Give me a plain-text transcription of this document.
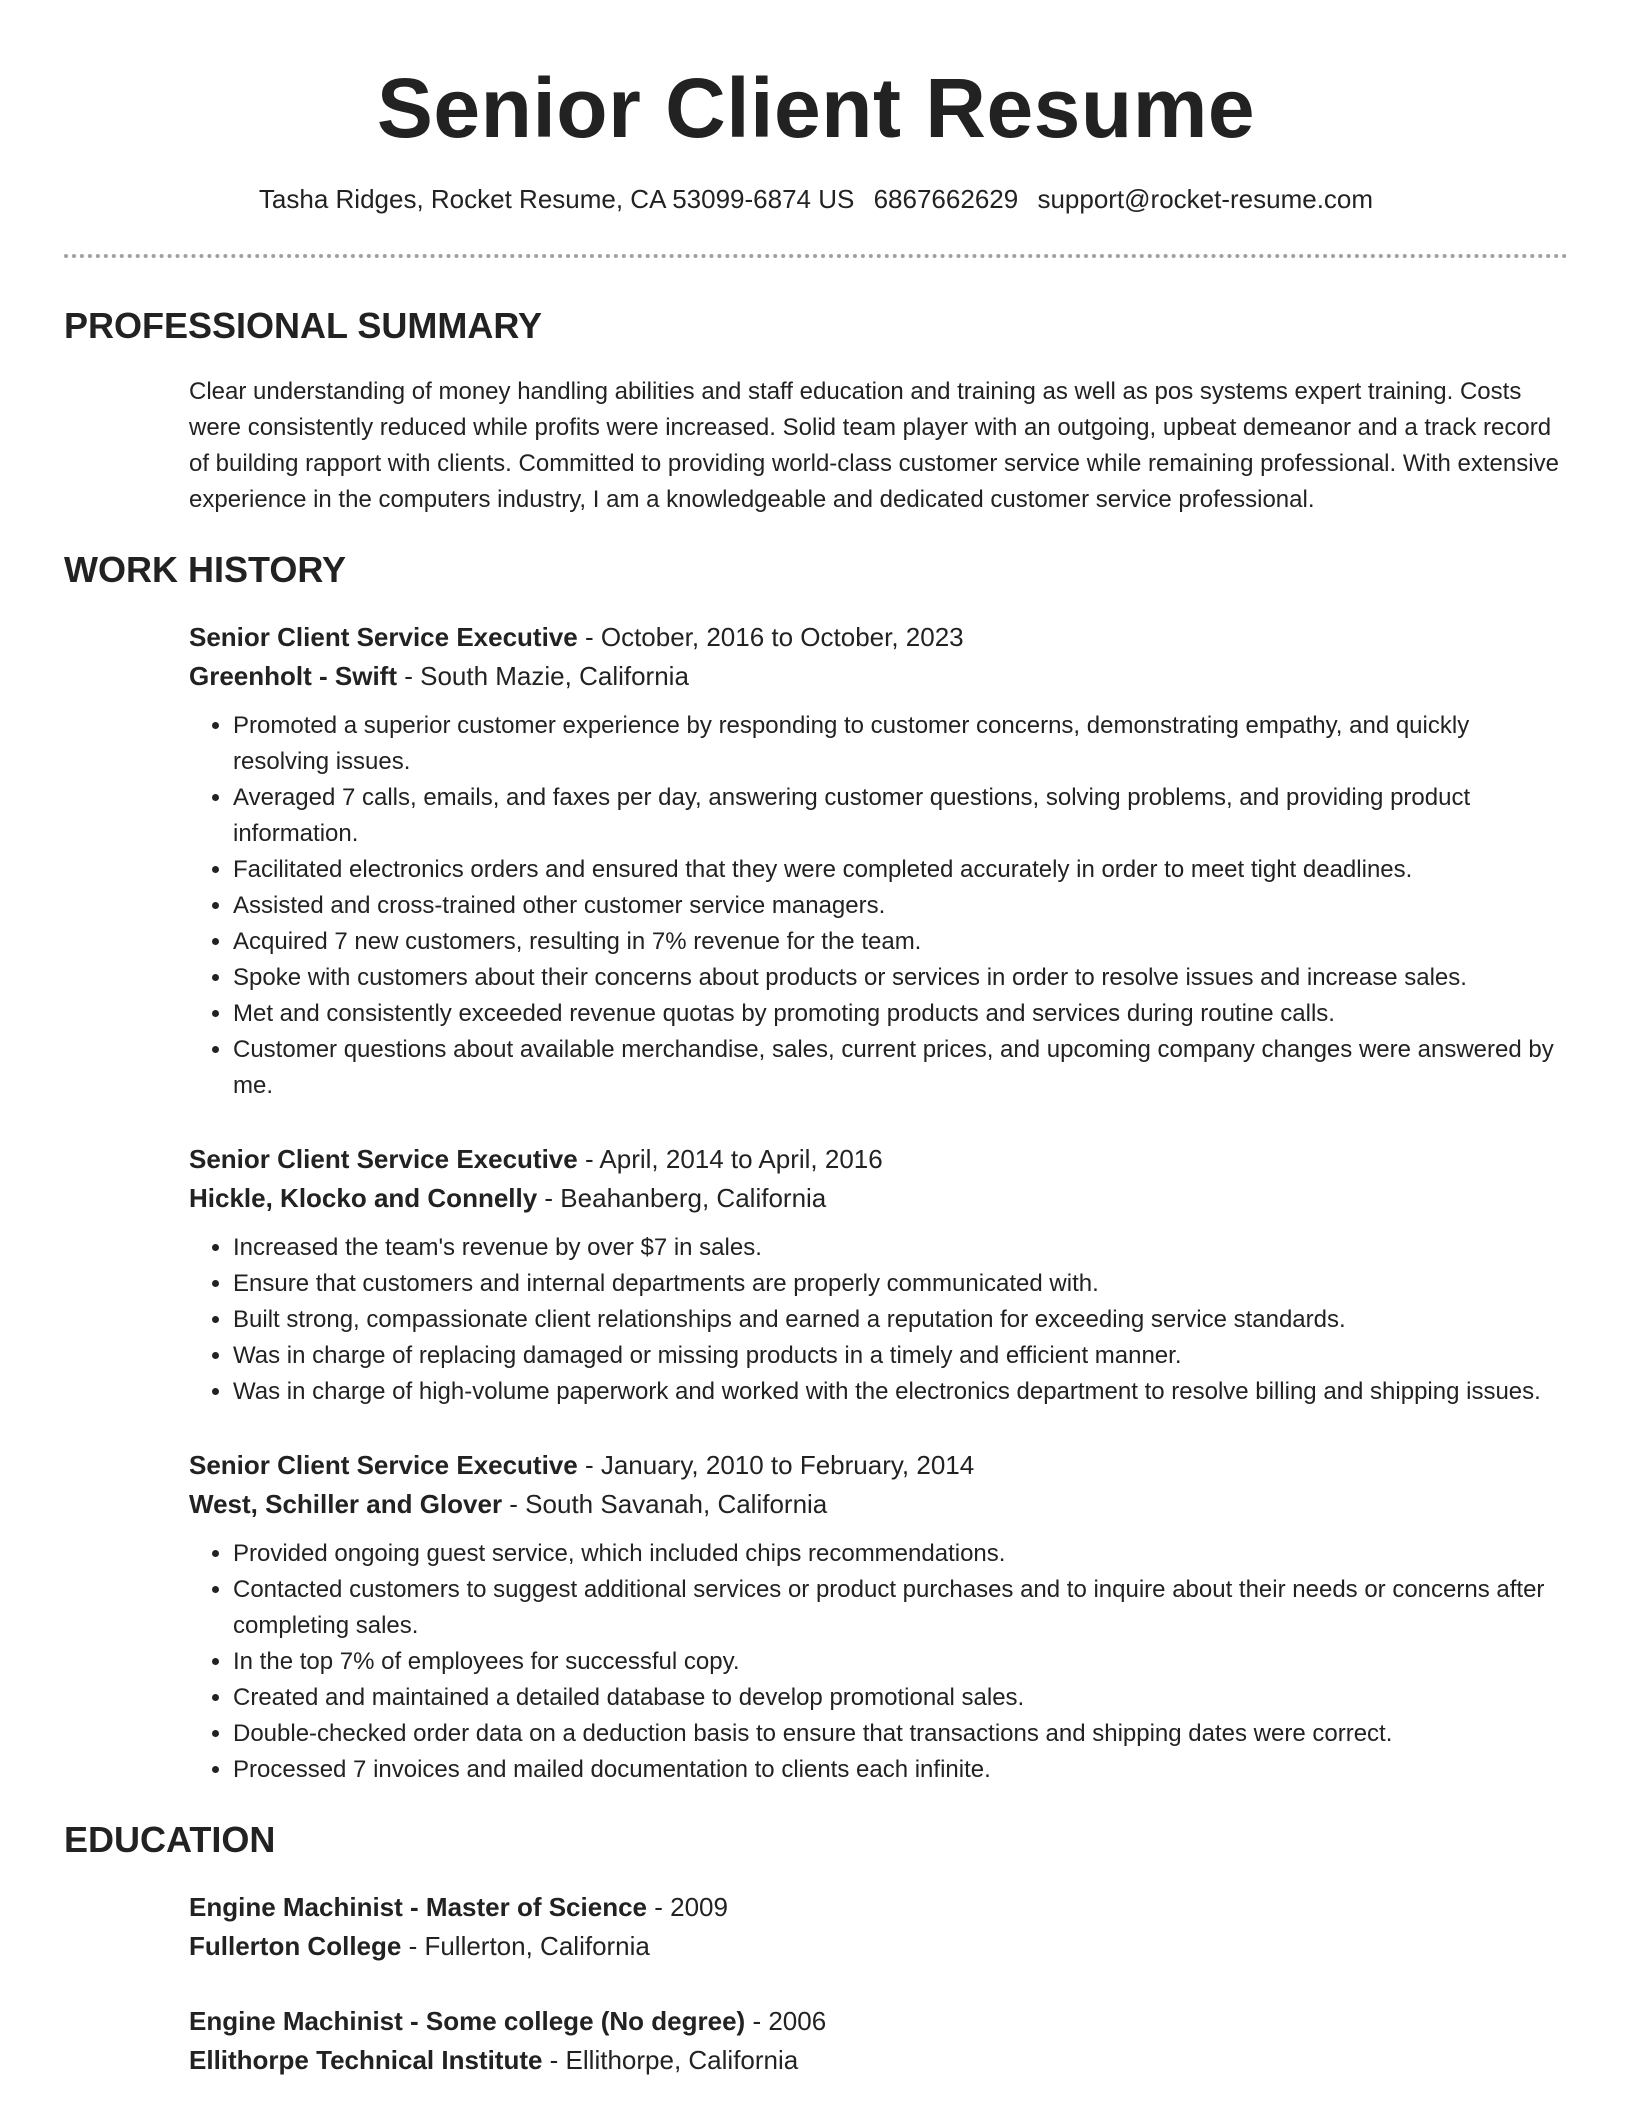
Senior Client Resume
Tasha Ridges, Rocket Resume, CA 53099-6874 US 6867662629 support@rocket-resume.com
PROFESSIONAL SUMMARY

Clear understanding of money handling abilities and staff education and training as well as pos systems expert training. Costs were consistently reduced while profits were increased. Solid team player with an outgoing, upbeat demeanor and a track record of building rapport with clients. Committed to providing world-class customer service while remaining professional. With extensive experience in the computers industry, I am a knowledgeable and dedicated customer service professional.

WORK HISTORY
Senior Client Service Executive - October, 2016 to October, 2023
Greenholt - Swift - South Mazie, California
• Promoted a superior customer experience by responding to customer concerns, demonstrating empathy, and quickly resolving issues.
• Averaged 7 calls, emails, and faxes per day, answering customer questions, solving problems, and providing product information.
• Facilitated electronics orders and ensured that they were completed accurately in order to meet tight deadlines.
• Assisted and cross-trained other customer service managers.
• Acquired 7 new customers, resulting in 7% revenue for the team.
• Spoke with customers about their concerns about products or services in order to resolve issues and increase sales.
• Met and consistently exceeded revenue quotas by promoting products and services during routine calls.
• Customer questions about available merchandise, sales, current prices, and upcoming company changes were answered by me.
Senior Client Service Executive - April, 2014 to April, 2016
Hickle, Klocko and Connelly - Beahanberg, California
• Increased the team's revenue by over $7 in sales.
• Ensure that customers and internal departments are properly communicated with.
• Built strong, compassionate client relationships and earned a reputation for exceeding service standards.
• Was in charge of replacing damaged or missing products in a timely and efficient manner.
• Was in charge of high-volume paperwork and worked with the electronics department to resolve billing and shipping issues.
Senior Client Service Executive - January, 2010 to February, 2014
West, Schiller and Glover - South Savanah, California
• Provided ongoing guest service, which included chips recommendations.
• Contacted customers to suggest additional services or product purchases and to inquire about their needs or concerns after completing sales.
• In the top 7% of employees for successful copy.
• Created and maintained a detailed database to develop promotional sales.
• Double-checked order data on a deduction basis to ensure that transactions and shipping dates were correct.
• Processed 7 invoices and mailed documentation to clients each infinite.
EDUCATION
Engine Machinist - Master of Science - 2009
Fullerton College - Fullerton, California
Engine Machinist - Some college (No degree) - 2006
Ellithorpe Technical Institute - Ellithorpe, California
